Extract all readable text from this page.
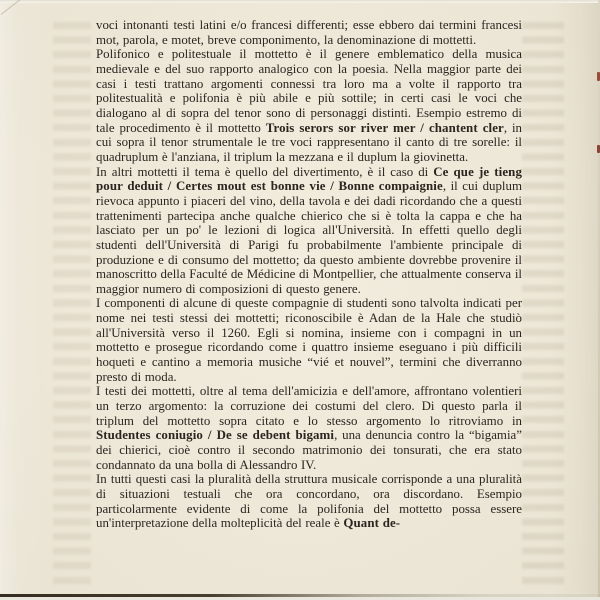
voci intonanti testi latini e/o francesi differenti; esse ebbero dai termini francesi mot, parola, e motet, breve componimento, la denominazione di mottetti.

Polifonico e politestuale il mottetto è il genere emblematico della musica medievale e del suo rapporto analogico con la poesia. Nella maggior parte dei casi i testi trattano argomenti connessi tra loro ma a volte il rapporto tra politestualità e polifonia è più abile e più sottile; in certi casi le voci che dialogano al di sopra del tenor sono di personaggi distinti. Esempio estremo di tale procedimento è il mottetto Trois serors sor river mer / chantent cler, in cui sopra il tenor strumentale le tre voci rappresentano il canto di tre sorelle: il quadruplum è l'anziana, il triplum la mezzana e il duplum la giovinetta.

In altri mottetti il tema è quello del divertimento, è il caso di Ce que je tieng pour deduit / Certes mout est bonne vie / Bonne compaignie, il cui duplum rievoca appunto i piaceri del vino, della tavola e dei dadi ricordando che a questi trattenimenti partecipa anche qualche chierico che si è tolta la cappa e che ha lasciato per un po' le lezioni di logica all'Università. In effetti quello degli studenti dell'Università di Parigi fu probabilmente l'ambiente principale di produzione e di consumo del mottetto; da questo ambiente dovrebbe provenire il manoscritto della Faculté de Médicine di Montpellier, che attualmente conserva il maggior numero di composizioni di questo genere.

I componenti di alcune di queste compagnie di studenti sono talvolta indicati per nome nei testi stessi dei mottetti; riconoscibile è Adan de la Hale che studiò all'Università verso il 1260. Egli si nomina, insieme con i compagni in un mottetto e prosegue ricordando come i quattro insieme eseguano i più difficili hoqueti e cantino a memoria musiche “vié et nouvel”, termini che diverranno presto di moda.

I testi dei mottetti, oltre al tema dell'amicizia e dell'amore, affrontano volentieri un terzo argomento: la corruzione dei costumi del clero. Di questo parla il triplum del mottetto sopra citato e lo stesso argomento lo ritroviamo in Studentes coniugio / De se debent bigami, una denuncia contro la “bigamia” dei chierici, cioè contro il secondo matrimonio dei tonsurati, che era stato condannato da una bolla di Alessandro IV.

In tutti questi casi la pluralità della struttura musicale corrisponde a una pluralità di situazioni testuali che ora concordano, ora discordano. Esempio particolarmente evidente di come la polifonia del mottetto possa essere un'interpretazione della molteplicità del reale è Quant de-
